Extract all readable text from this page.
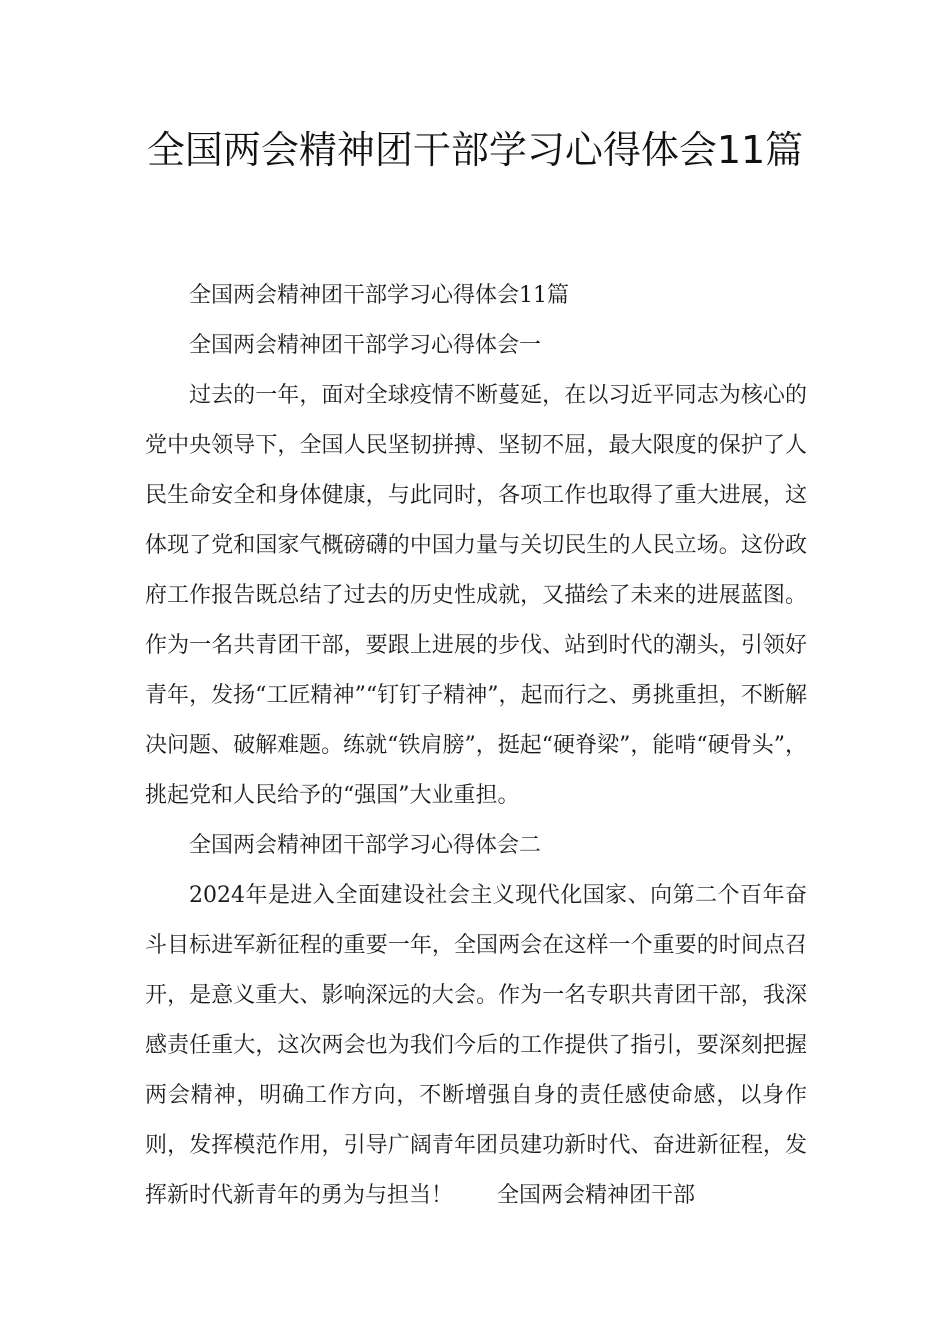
全国两会精神团干部学习心得体会11篇

全国两会精神团干部学习心得体会11篇

全国两会精神团干部学习心得体会一

过去的一年，面对全球疫情不断蔓延，在以习近平同志为核心的党中央领导下，全国人民坚韧拼搏、坚韧不屈，最大限度的保护了人民生命安全和身体健康，与此同时，各项工作也取得了重大进展，这体现了党和国家气概磅礴的中国力量与关切民生的人民立场。这份政府工作报告既总结了过去的历史性成就，又描绘了未来的进展蓝图。作为一名共青团干部，要跟上进展的步伐、站到时代的潮头，引领好青年，发扬“工匠精神”“钉钉子精神”，起而行之、勇挑重担，不断解决问题、破解难题。练就“铁肩膀”，挺起“硬脊梁”，能啃“硬骨头”，挑起党和人民给予的“强国”大业重担。

全国两会精神团干部学习心得体会二

2024年是进入全面建设社会主义现代化国家、向第二个百年奋斗目标进军新征程的重要一年，全国两会在这样一个重要的时间点召开，是意义重大、影响深远的大会。作为一名专职共青团干部，我深感责任重大，这次两会也为我们今后的工作提供了指引，要深刻把握两会精神，明确工作方向，不断增强自身的责任感使命感，以身作则，发挥模范作用，引导广阔青年团员建功新时代、奋进新征程，发挥新时代新青年的勇为与担当！　　全国两会精神团干部
